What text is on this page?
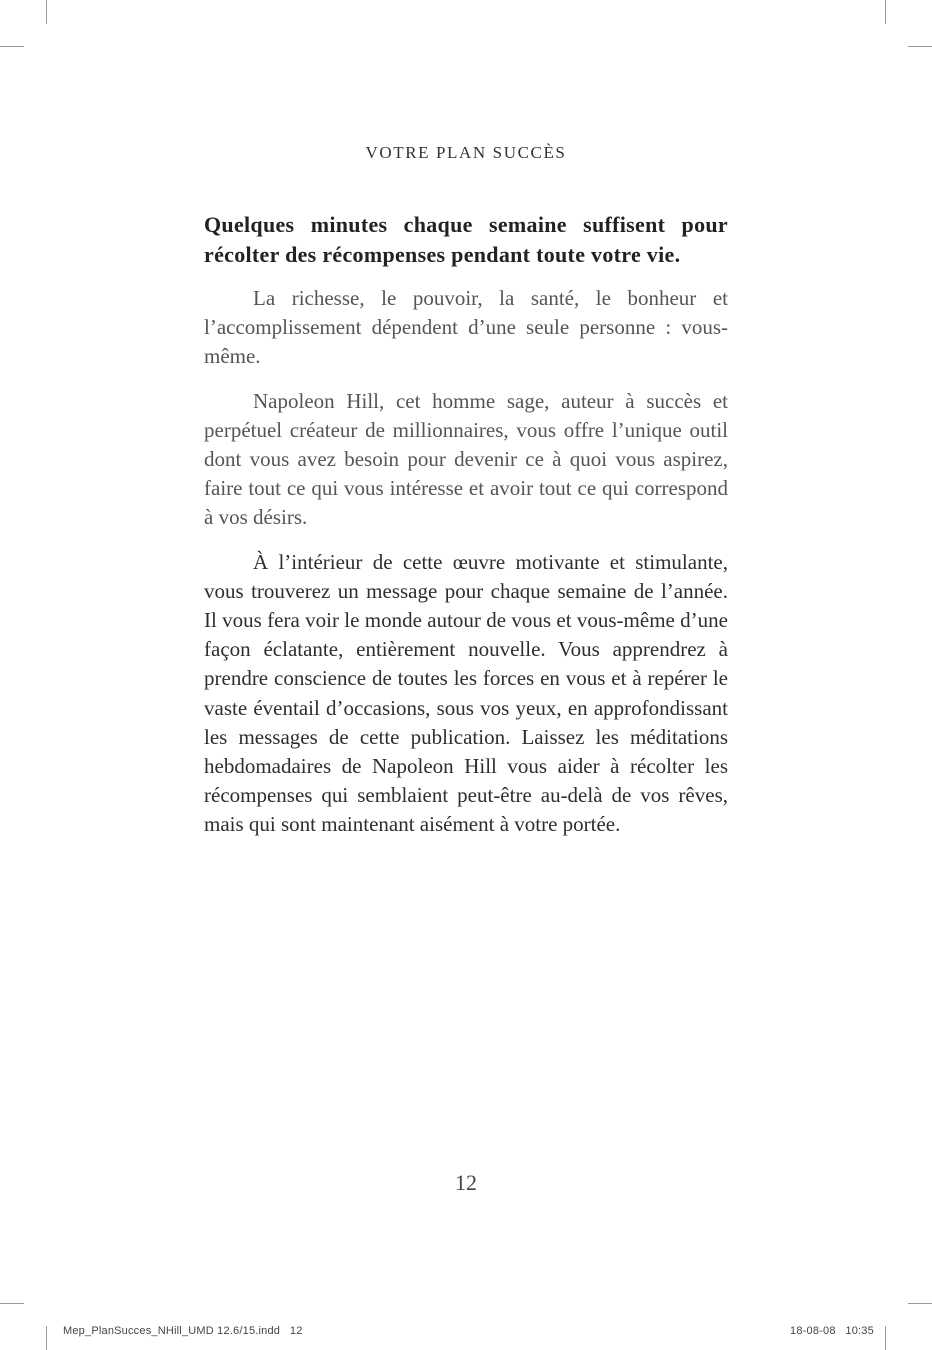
VOTRE PLAN SUCCÈS

Quelques minutes chaque semaine suffisent pour récolter des récompenses pendant toute votre vie.

La richesse, le pouvoir, la santé, le bonheur et l’accomplissement dépendent d’une seule personne : vous-même.

Napoleon Hill, cet homme sage, auteur à succès et perpétuel créateur de millionnaires, vous offre l’unique outil dont vous avez besoin pour devenir ce à quoi vous aspirez, faire tout ce qui vous intéresse et avoir tout ce qui correspond à vos désirs.

À l’intérieur de cette œuvre motivante et stimulante, vous trouverez un message pour chaque semaine de l’année. Il vous fera voir le monde autour de vous et vous-même d’une façon éclatante, entièrement nouvelle. Vous apprendrez à prendre conscience de toutes les forces en vous et à repérer le vaste éventail d’occasions, sous vos yeux, en approfondissant les messages de cette publication. Laissez les méditations hebdomadaires de Napoleon Hill vous aider à récolter les récompenses qui semblaient peut-être au-delà de vos rêves, mais qui sont maintenant aisément à votre portée.

12

Mep_PlanSucces_NHill_UMD 12.6/15.indd   12	18-08-08   10:35
